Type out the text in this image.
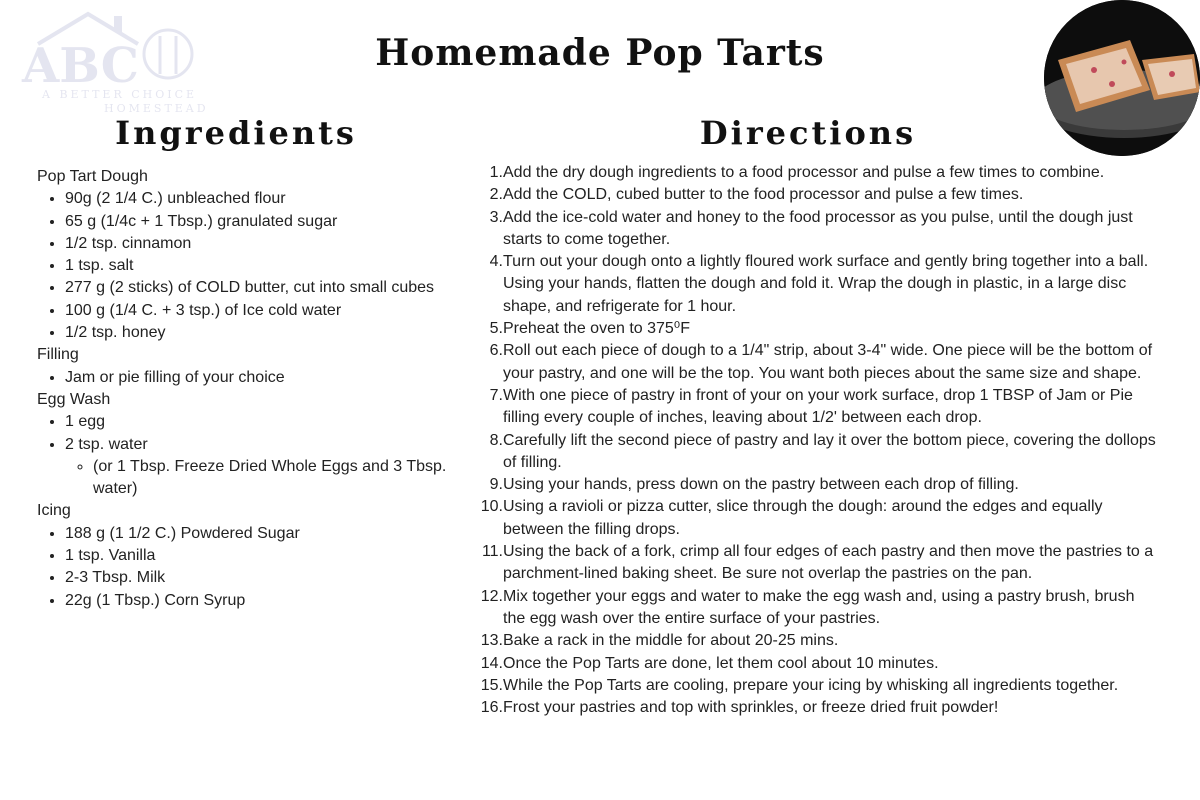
ABC
A BETTER CHOICE
HOMESTEAD
Homemade Pop Tarts
Ingredients	Directions

Pop Tart Dough

• 90g (2 1/4 C.) unbleached flour
• 65 g (1/4c + 1 Tbsp.) granulated sugar
• 1/2 tsp. cinnamon
• 1 tsp. salt
• 277 g (2 sticks) of COLD butter, cut into small cubes
• 100 g (1/4 C. + 3 tsp.) of Ice cold water
• 1/2 tsp. honey

Filling

• Jam or pie filling of your choice

Egg Wash

• 1 egg
• 2 tsp. water
◦ (or 1 Tbsp. Freeze Dried Whole Eggs and 3 Tbsp. water)

Icing

• 188 g (1 1/2 C.) Powdered Sugar
• 1 tsp. Vanilla
• 2-3 Tbsp. Milk
• 22g (1 Tbsp.) Corn Syrup
1. Add the dry dough ingredients to a food processor and pulse a few times to combine.
2. Add the COLD, cubed butter to the food processor and pulse a few times.
3. Add the ice-cold water and honey to the food processor as you pulse, until the dough just starts to come together.
4. Turn out your dough onto a lightly floured work surface and gently bring together into a ball. Using your hands, flatten the dough and fold it. Wrap the dough in plastic, in a large disc shape, and refrigerate for 1 hour.
5. Preheat the oven to 375⁰F
6. Roll out each piece of dough to a 1/4" strip, about 3-4" wide. One piece will be the bottom of your pastry, and one will be the top. You want both pieces about the same size and shape.
7. With one piece of pastry in front of your on your work surface, drop 1 TBSP of Jam or Pie filling every couple of inches, leaving about 1/2' between each drop.
8. Carefully lift the second piece of pastry and lay it over the bottom piece, covering the dollops of filling.
9. Using your hands, press down on the pastry between each drop of filling.
10. Using a ravioli or pizza cutter, slice through the dough: around the edges and equally between the filling drops.
11. Using the back of a fork, crimp all four edges of each pastry and then move the pastries to a parchment-lined baking sheet. Be sure not overlap the pastries on the pan.
12. Mix together your eggs and water to make the egg wash and, using a pastry brush, brush the egg wash over the entire surface of your pastries.
13. Bake a rack in the middle for about 20-25 mins.
14. Once the Pop Tarts are done, let them cool about 10 minutes.
15. While the Pop Tarts are cooling, prepare your icing by whisking all ingredients together.
16. Frost your pastries and top with sprinkles, or freeze dried fruit powder!
